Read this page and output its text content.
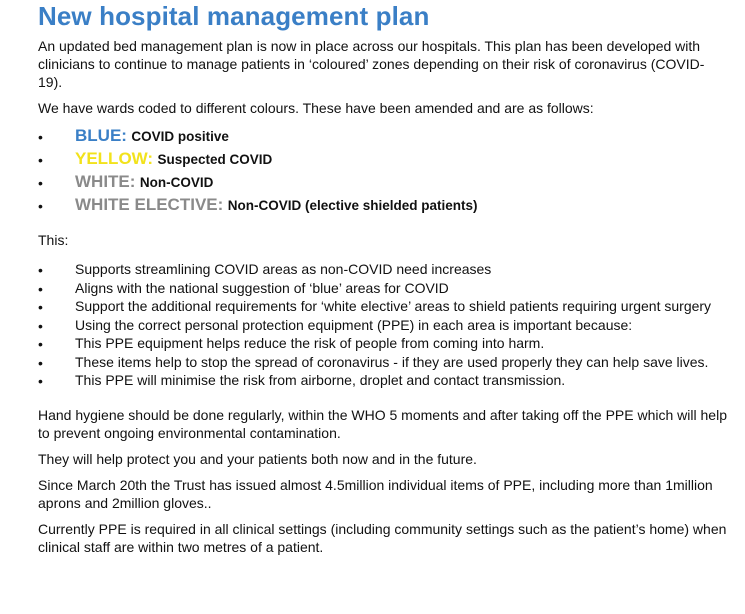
New hospital management plan

An updated bed management plan is now in place across our hospitals. This plan has been developed with clinicians to continue to manage patients in ‘coloured’ zones depending on their risk of coronavirus (COVID-19).

We have wards coded to different colours. These have been amended and are as follows:

• BLUE: COVID positive
• YELLOW: Suspected COVID
• WHITE: Non-COVID
• WHITE ELECTIVE: Non-COVID (elective shielded patients)

This:

• Supports streamlining COVID areas as non-COVID need increases
• Aligns with the national suggestion of ‘blue’ areas for COVID
• Support the additional requirements for ‘white elective’ areas to shield patients requiring urgent surgery
• Using the correct personal protection equipment (PPE) in each area is important because:
• This PPE equipment helps reduce the risk of people from coming into harm.
• These items help to stop the spread of coronavirus - if they are used properly they can help save lives.
• This PPE will minimise the risk from airborne, droplet and contact transmission.

Hand hygiene should be done regularly, within the WHO 5 moments and after taking off the PPE which will help to prevent ongoing environmental contamination.

They will help protect you and your patients both now and in the future.

Since March 20th the Trust has issued almost 4.5million individual items of PPE, including more than 1million aprons and 2million gloves..

Currently PPE is required in all clinical settings (including community settings such as the patient’s home) when clinical staff are within two metres of a patient.
